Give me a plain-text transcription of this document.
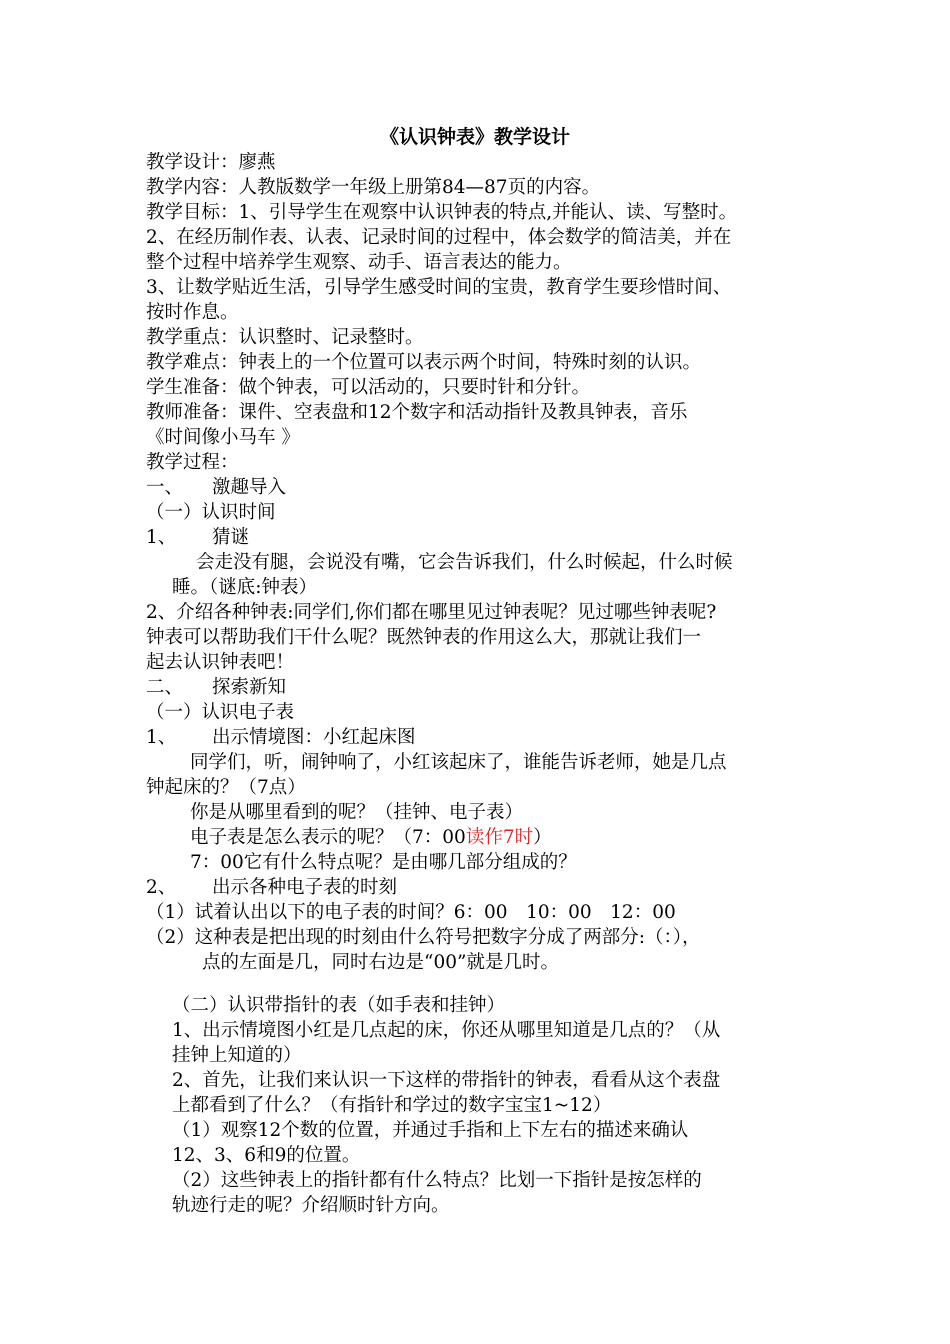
《认识钟表》教学设计
教学设计：廖燕
教学内容：人教版数学一年级上册第84—87页的内容。
教学目标：1、引导学生在观察中认识钟表的特点,并能认、读、写整时。
2、在经历制作表、认表、记录时间的过程中，体会数学的简洁美，并在
整个过程中培养学生观察、动手、语言表达的能力。
3、让数学贴近生活，引导学生感受时间的宝贵，教育学生要珍惜时间、
按时作息。
教学重点：认识整时、记录整时。
教学难点：钟表上的一个位置可以表示两个时间，特殊时刻的认识。
学生准备：做个钟表，可以活动的，只要时针和分针。
教师准备：课件、空表盘和12个数字和活动指针及教具钟表，音乐
《时间像小马车 》
教学过程：
一、 激趣导入
（一）认识时间
1、 猜谜
会走没有腿，会说没有嘴，它会告诉我们，什么时候起，什么时候
睡。（谜底:钟表）
2、介绍各种钟表:同学们,你们都在哪里见过钟表呢？见过哪些钟表呢?
钟表可以帮助我们干什么呢？既然钟表的作用这么大，那就让我们一
起去认识钟表吧！
二、 探索新知
（一）认识电子表
1、 出示情境图：小红起床图
同学们，听，闹钟响了，小红该起床了，谁能告诉老师，她是几点
钟起床的？（7点）
你是从哪里看到的呢？（挂钟、电子表）
电子表是怎么表示的呢？（7：00读作7时）
7：00它有什么特点呢？是由哪几部分组成的？
2、 出示各种电子表的时刻
（1）试着认出以下的电子表的时间？6：00　10：00　12：00
（2）这种表是把出现的时刻由什么符号把数字分成了两部分:（：），
点的左面是几，同时右边是“00”就是几时。
（二）认识带指针的表（如手表和挂钟）
1、出示情境图小红是几点起的床，你还从哪里知道是几点的？（从
挂钟上知道的）
2、首先，让我们来认识一下这样的带指针的钟表，看看从这个表盘
上都看到了什么？（有指针和学过的数字宝宝1~12）
（1）观察12个数的位置，并通过手指和上下左右的描述来确认
12、3、6和9的位置。
（2）这些钟表上的指针都有什么特点？比划一下指针是按怎样的
轨迹行走的呢？介绍顺时针方向。
